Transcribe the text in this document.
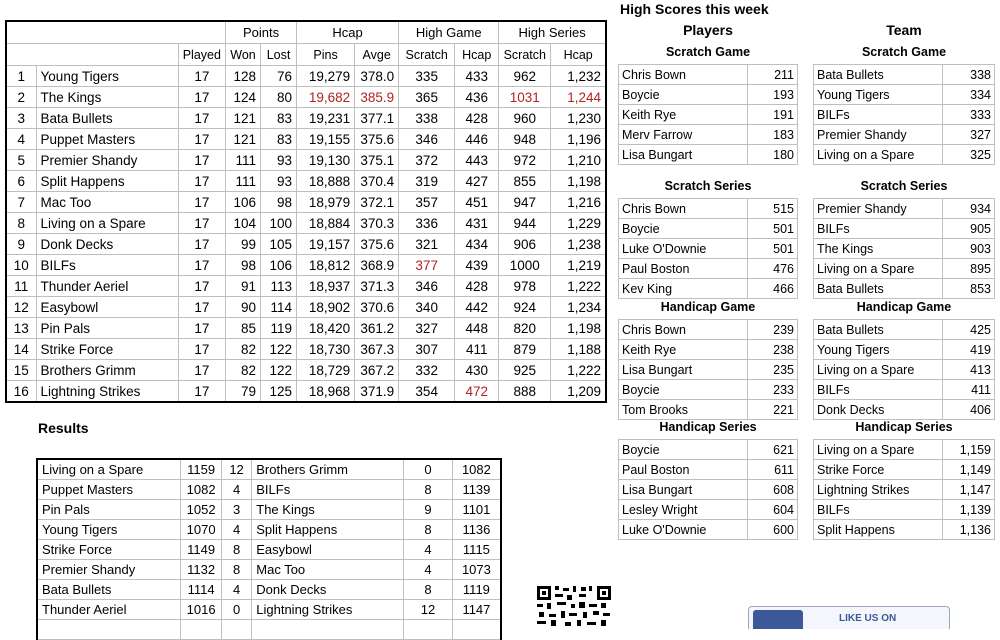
			Points		Hcap		High Game		High Series	
		Played	Won	Lost	Pins	Avge	Scratch	Hcap	Scratch	Hcap
1	Young Tigers	17	128	76	19,279	378.0	335	433	962	1,232
2	The Kings	17	124	80	19,682	385.9	365	436	1031	1,244
3	Bata Bullets	17	121	83	19,231	377.1	338	428	960	1,230
4	Puppet Masters	17	121	83	19,155	375.6	346	446	948	1,196
5	Premier Shandy	17	111	93	19,130	375.1	372	443	972	1,210
6	Split Happens	17	111	93	18,888	370.4	319	427	855	1,198
7	Mac Too	17	106	98	18,979	372.1	357	451	947	1,216
8	Living on a Spare	17	104	100	18,884	370.3	336	431	944	1,229
9	Donk Decks	17	99	105	19,157	375.6	321	434	906	1,238
10	BILFs	17	98	106	18,812	368.9	377	439	1000	1,219
11	Thunder Aeriel	17	91	113	18,937	371.3	346	428	978	1,222
12	Easybowl	17	90	114	18,902	370.6	340	442	924	1,234
13	Pin Pals	17	85	119	18,420	361.2	327	448	820	1,198
14	Strike Force	17	82	122	18,730	367.3	307	411	879	1,188
15	Brothers Grimm	17	82	122	18,729	367.2	332	430	925	1,222
16	Lightning Strikes	17	79	125	18,968	371.9	354	472	888	1,209
Results
Living on a Spare	1159	12	Brothers Grimm	0	1082
Puppet Masters	1082	4	BILFs	8	1139
Pin Pals	1052	3	The Kings	9	1101
Young Tigers	1070	4	Split Happens	8	1136
Strike Force	1149	8	Easybowl	4	1115
Premier Shandy	1132	8	Mac Too	4	1073
Bata Bullets	1114	4	Donk Decks	8	1119
Thunder Aeriel	1016	0	Lightning Strikes	12	1147

High Scores this week
Players	Team
Scratch Game
Chris Bown	211
Boycie	193
Keith Rye	191
Merv Farrow	183
Lisa Bungart	180
Scratch Series
Chris Bown	515
Boycie	501
Luke O'Downie	501
Paul Boston	476
Kev King	466
Handicap Game
Chris Bown	239
Keith Rye	238
Lisa Bungart	235
Boycie	233
Tom Brooks	221
Handicap Series
Boycie	621
Paul Boston	611
Lisa Bungart	608
Lesley Wright	604
Luke O'Downie	600
Scratch Game
Bata Bullets	338
Young Tigers	334
BILFs	333
Premier Shandy	327
Living on a Spare	325
Scratch Series
Premier Shandy	934
BILFs	905
The Kings	903
Living on a Spare	895
Bata Bullets	853
Handicap Game
Bata Bullets	425
Young Tigers	419
Living on a Spare	413
BILFs	411
Donk Decks	406
Handicap Series
Living on a Spare	1,159
Strike Force	1,149
Lightning Strikes	1,147
BILFs	1,139
Split Happens	1,136
LIKE US ON
